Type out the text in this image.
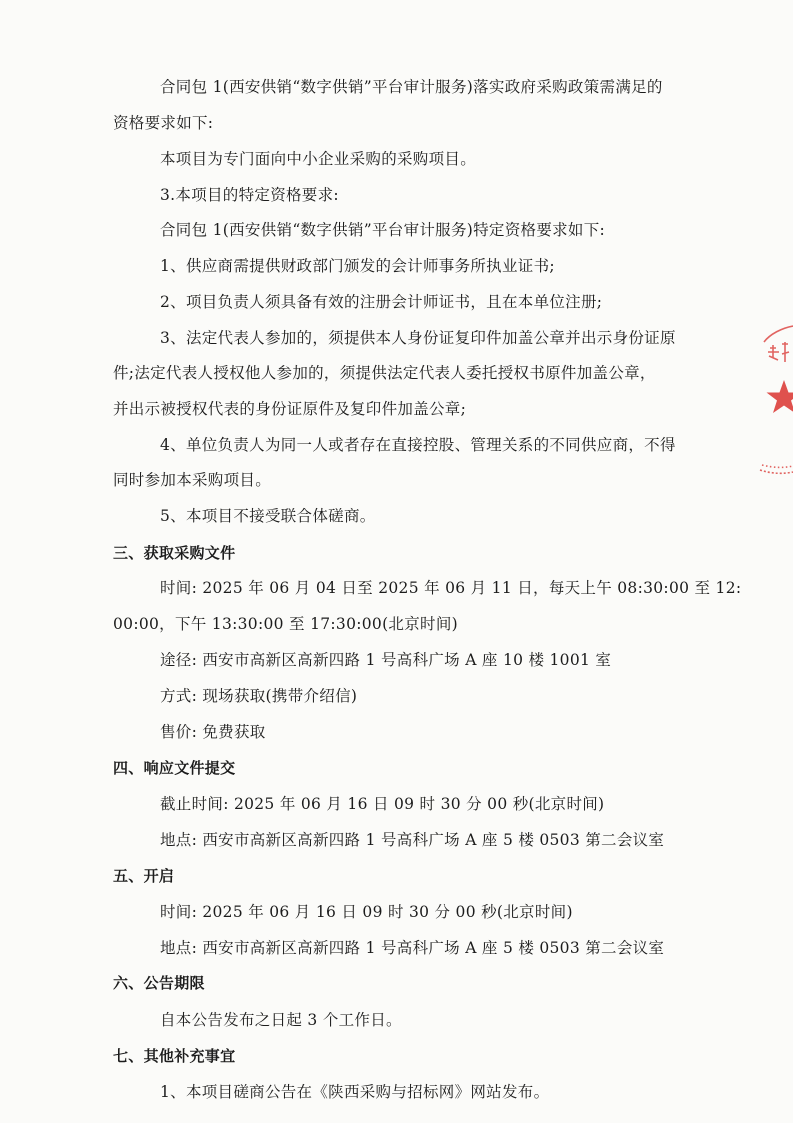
合同包 1(西安供销“数字供销”平台审计服务)落实政府采购政策需满足的
资格要求如下:
本项目为专门面向中小企业采购的采购项目。
3.本项目的特定资格要求:
合同包 1(西安供销“数字供销”平台审计服务)特定资格要求如下:
1、供应商需提供财政部门颁发的会计师事务所执业证书;
2、项目负责人须具备有效的注册会计师证书，且在本单位注册;
3、法定代表人参加的，须提供本人身份证复印件加盖公章并出示身份证原
件;法定代表人授权他人参加的，须提供法定代表人委托授权书原件加盖公章，
并出示被授权代表的身份证原件及复印件加盖公章;
4、单位负责人为同一人或者存在直接控股、管理关系的不同供应商，不得
同时参加本采购项目。
5、本项目不接受联合体磋商。
三、获取采购文件
时间: 2025 年 06 月 04 日至 2025 年 06 月 11 日，每天上午 08:30:00 至 12:
00:00，下午 13:30:00 至 17:30:00(北京时间)
途径: 西安市高新区高新四路 1 号高科广场 A 座 10 楼 1001 室
方式: 现场获取(携带介绍信)
售价: 免费获取
四、响应文件提交
截止时间: 2025 年 06 月 16 日 09 时 30 分 00 秒(北京时间)
地点: 西安市高新区高新四路 1 号高科广场 A 座 5 楼 0503 第二会议室
五、开启
时间: 2025 年 06 月 16 日 09 时 30 分 00 秒(北京时间)
地点: 西安市高新区高新四路 1 号高科广场 A 座 5 楼 0503 第二会议室
六、公告期限
自本公告发布之日起 3 个工作日。
七、其他补充事宜
1、本项目磋商公告在《陕西采购与招标网》网站发布。
